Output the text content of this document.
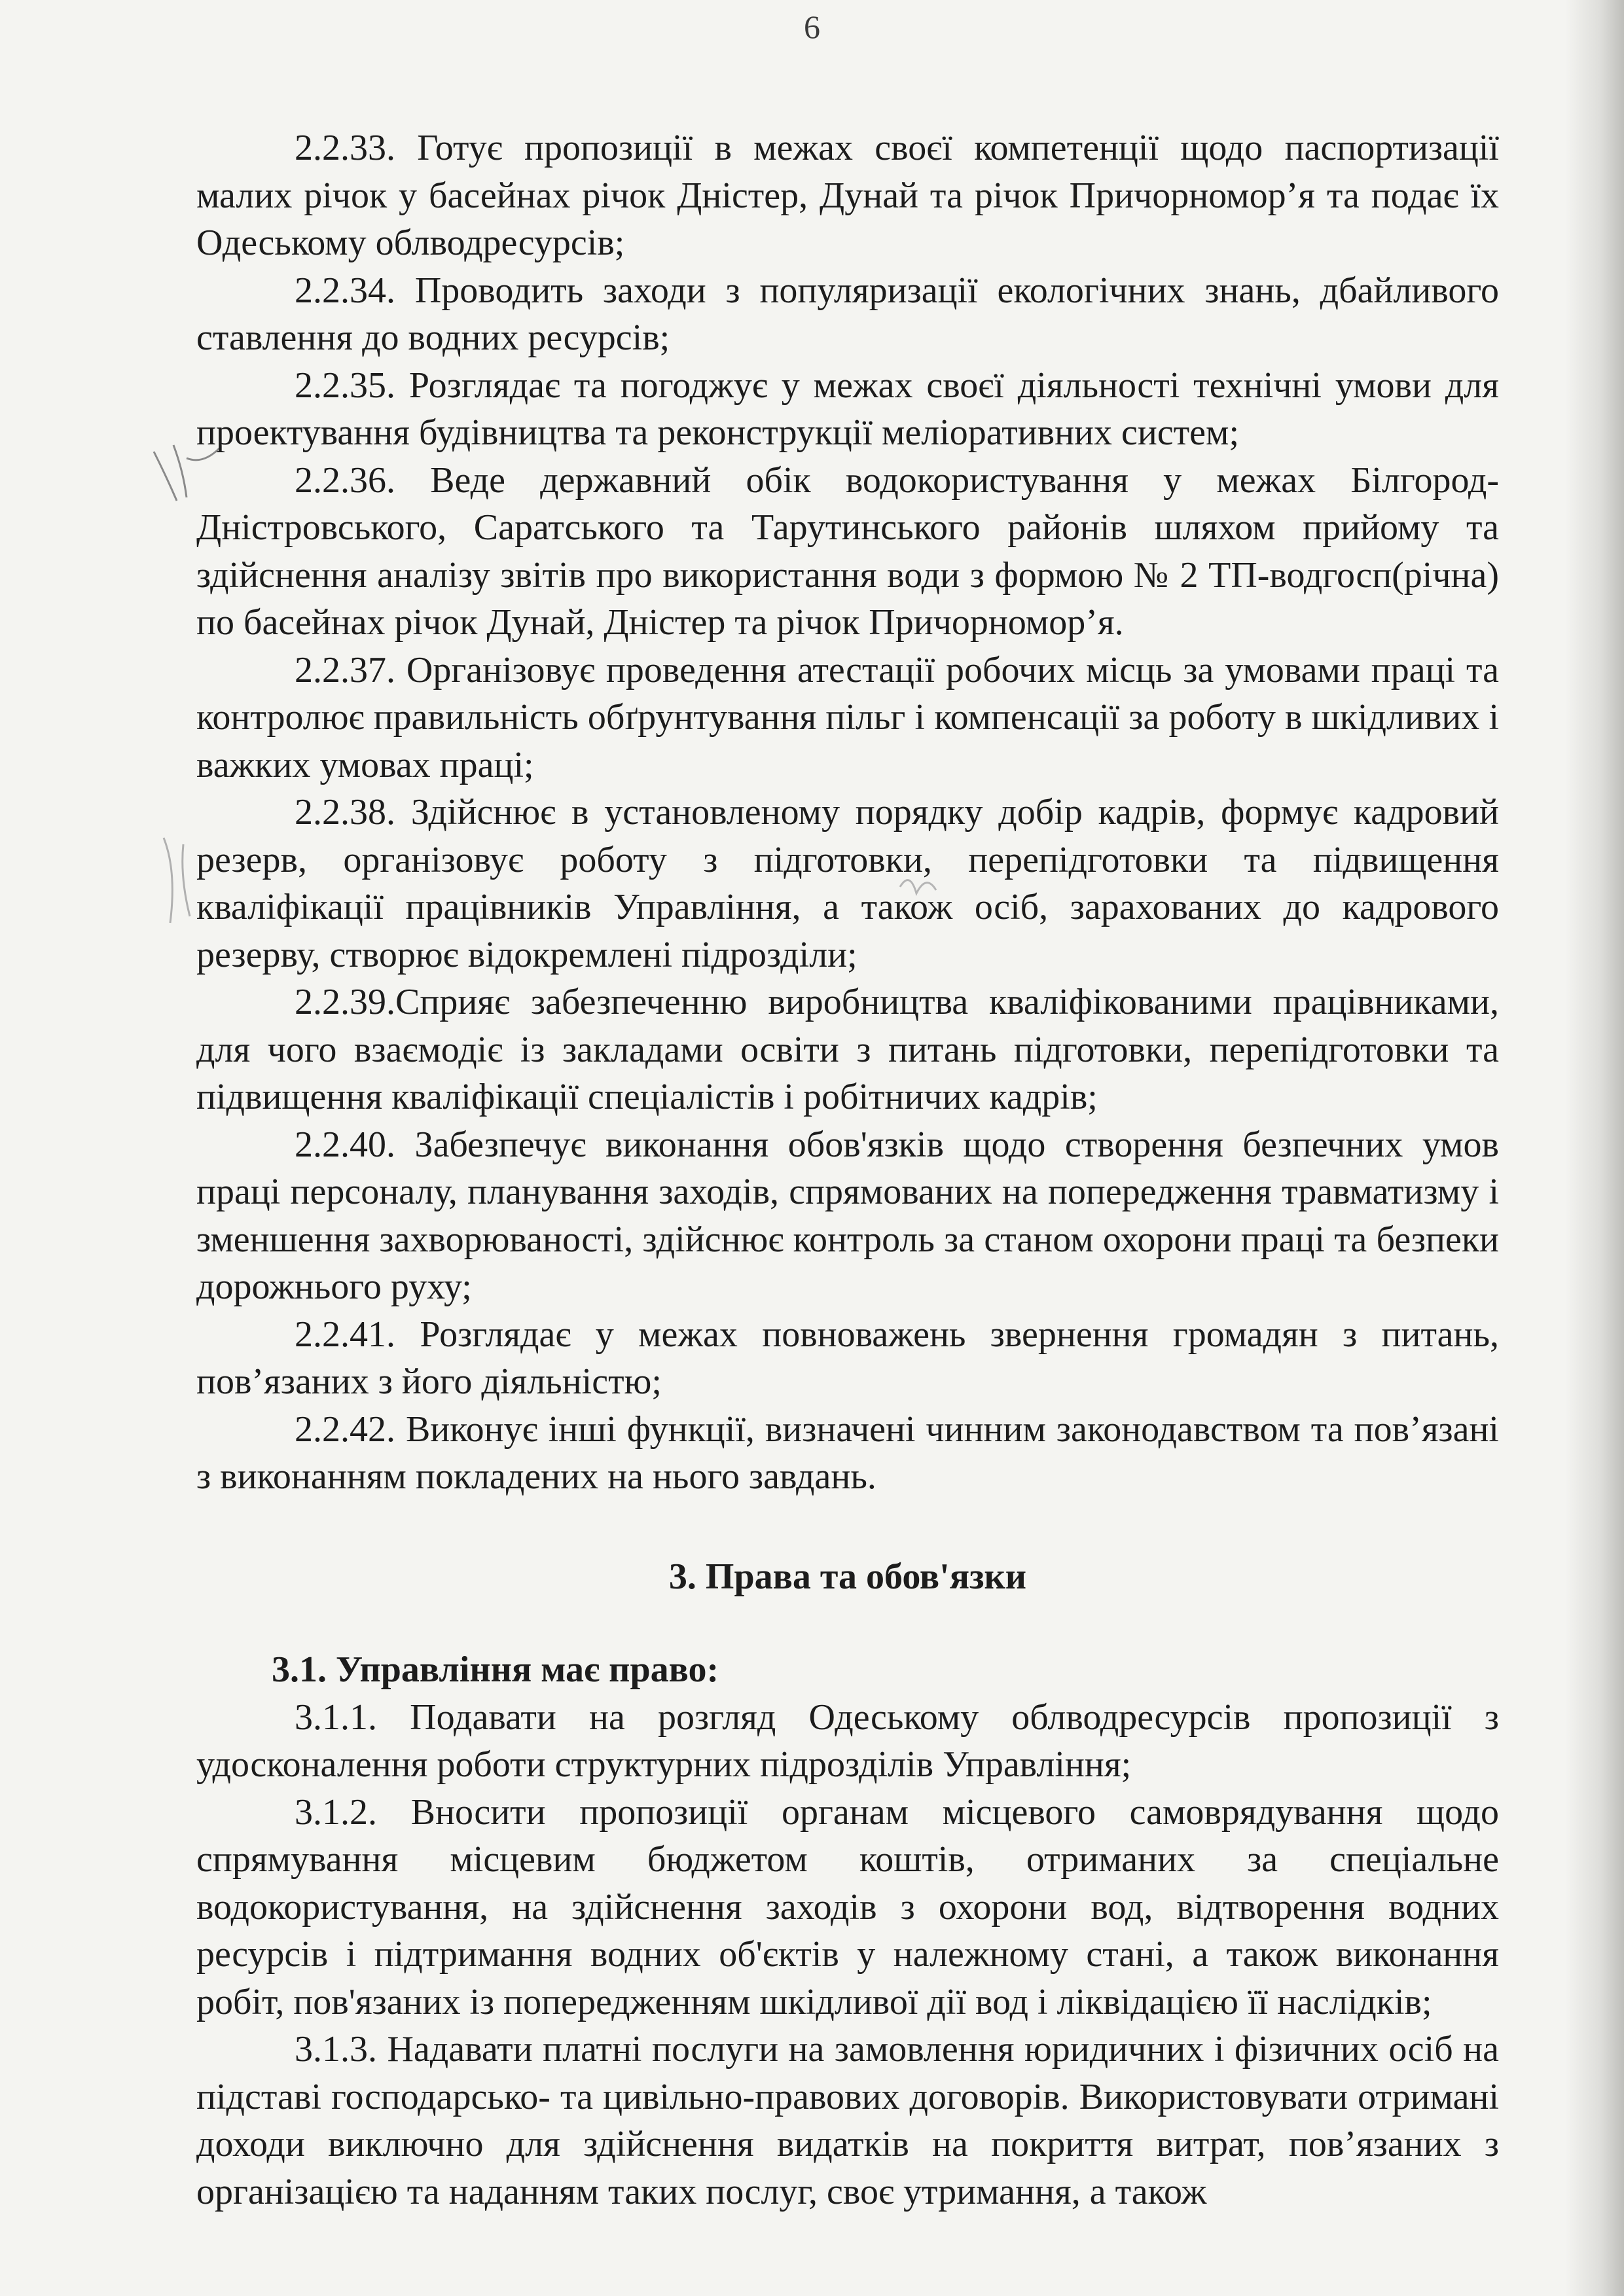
6

2.2.33. Готує пропозиції в межах своєї компетенції щодо паспортизації малих річок у басейнах річок Дністер, Дунай та річок Причорномор’я та подає їх Одеському облводресурсів;

2.2.34. Проводить заходи з популяризації екологічних знань, дбайливого ставлення до водних ресурсів;

2.2.35. Розглядає та погоджує у межах своєї діяльності технічні умови для проектування будівництва та реконструкції меліоративних систем;

2.2.36. Веде державний обік водокористування у межах Білгород-Дністровського, Саратського та Тарутинського районів шляхом прийому та здійснення аналізу звітів про використання води з формою № 2 ТП-водгосп(річна) по басейнах річок Дунай, Дністер та річок Причорномор’я.

2.2.37. Організовує проведення атестації робочих місць за умовами праці та контролює правильність обґрунтування пільг і компенсації за роботу в шкідливих і важких умовах праці;

2.2.38. Здійснює в установленому порядку добір кадрів, формує кадровий резерв, організовує роботу з підготовки, перепідготовки та підвищення кваліфікації працівників Управління, а також осіб, зарахованих до кадрового резерву, створює відокремлені підрозділи;

2.2.39.Сприяє забезпеченню виробництва кваліфікованими працівниками, для чого взаємодіє із закладами освіти з питань підготовки, перепідготовки та підвищення кваліфікації спеціалістів і робітничих кадрів;

2.2.40. Забезпечує виконання обов'язків щодо створення безпечних умов праці персоналу, планування заходів, спрямованих на попередження травматизму і зменшення захворюваності, здійснює контроль за станом охорони праці та безпеки дорожнього руху;

2.2.41. Розглядає у межах повноважень звернення громадян з питань, пов’язаних з його діяльністю;

2.2.42. Виконує інші функції, визначені чинним законодавством та пов’язані з виконанням покладених на нього завдань.

3. Права та обов'язки

3.1. Управління має право:

3.1.1. Подавати на розгляд Одеському облводресурсів пропозиції з удосконалення роботи структурних підрозділів Управління;

3.1.2. Вносити пропозиції органам місцевого самоврядування щодо спрямування місцевим бюджетом коштів, отриманих за спеціальне водокористування, на здійснення заходів з охорони вод, відтворення водних ресурсів і підтримання водних об'єктів у належному стані, а також виконання робіт, пов'язаних із попередженням шкідливої дії вод і ліквідацією її наслідків;

3.1.3. Надавати платні послуги на замовлення юридичних і фізичних осіб на підставі господарсько- та цивільно-правових договорів. Використовувати отримані доходи виключно для здійснення видатків на покриття витрат, пов’язаних з організацією та наданням таких послуг, своє утримання, а також
